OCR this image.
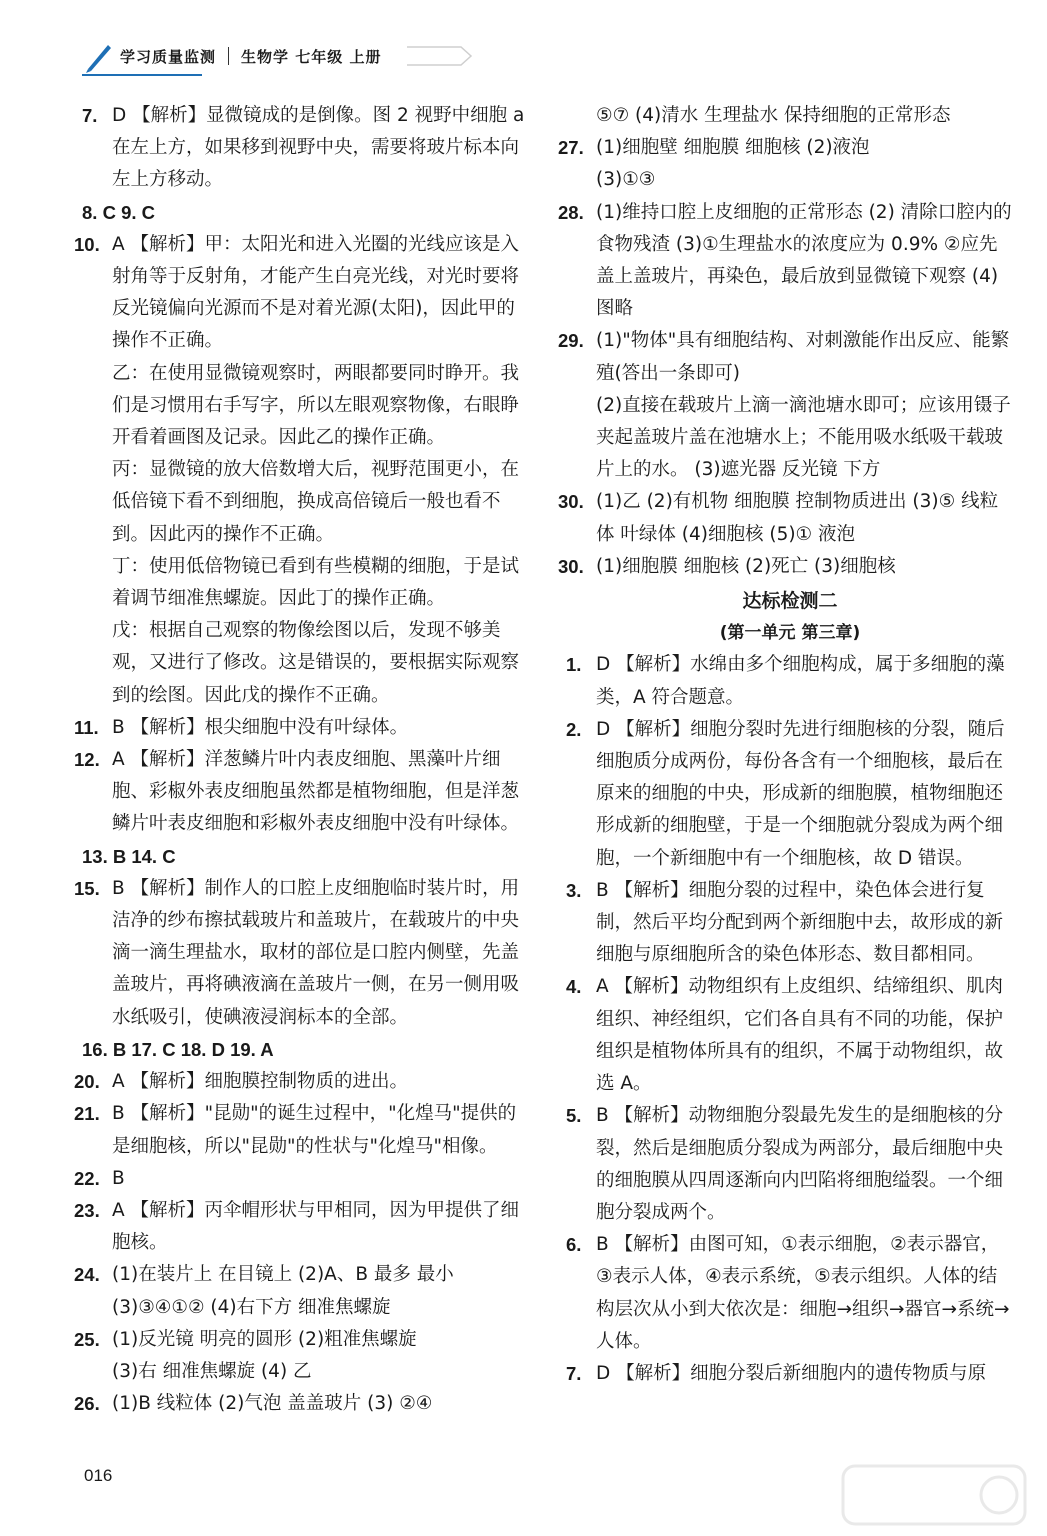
学习质量监测 生物学 七年级 上册
7. D 【解析】显微镜成的是倒像。图 2 视野中细胞 a 在左上方，如果移到视野中央，需要将玻片标本向左上方移动。
8. C 9. C
10. A 【解析】甲：太阳光和进入光圈的光线应该是入射角等于反射角，才能产生白亮光线，对光时要将反光镜偏向光源而不是对着光源(太阳)，因此甲的操作不正确。
乙：在使用显微镜观察时，两眼都要同时睁开。我们是习惯用右手写字，所以左眼观察物像，右眼睁开看着画图及记录。因此乙的操作正确。
丙：显微镜的放大倍数增大后，视野范围更小，在低倍镜下看不到细胞，换成高倍镜后一般也看不到。因此丙的操作不正确。
丁：使用低倍物镜已看到有些模糊的细胞，于是试着调节细准焦螺旋。因此丁的操作正确。
戊：根据自己观察的物像绘图以后，发现不够美观，又进行了修改。这是错误的，要根据实际观察到的绘图。因此戊的操作不正确。
11. B 【解析】根尖细胞中没有叶绿体。
12. A 【解析】洋葱鳞片叶内表皮细胞、黑藻叶片细胞、彩椒外表皮细胞虽然都是植物细胞，但是洋葱鳞片叶表皮细胞和彩椒外表皮细胞中没有叶绿体。
13. B 14. C
15. B 【解析】制作人的口腔上皮细胞临时装片时，用洁净的纱布擦拭载玻片和盖玻片，在载玻片的中央滴一滴生理盐水，取材的部位是口腔内侧壁，先盖盖玻片，再将碘液滴在盖玻片一侧，在另一侧用吸水纸吸引，使碘液浸润标本的全部。
16. B 17. C 18. D 19. A
20. A 【解析】细胞膜控制物质的进出。
21. B 【解析】"昆勋"的诞生过程中，"化煌马"提供的是细胞核，所以"昆勋"的性状与"化煌马"相像。
22. B
23. A 【解析】丙伞帽形状与甲相同，因为甲提供了细胞核。
24. (1)在装片上 在目镜上 (2)A、B 最多 最小
(3)③④①② (4)右下方 细准焦螺旋
25. (1)反光镜 明亮的圆形 (2)粗准焦螺旋
(3)右 细准焦螺旋 (4) 乙
26. (1)B 线粒体 (2)气泡 盖盖玻片 (3) ②④
⑤⑦ (4)清水 生理盐水 保持细胞的正常形态
27. (1)细胞壁 细胞膜 细胞核 (2)液泡
(3)①③
28. (1)维持口腔上皮细胞的正常形态 (2) 清除口腔内的食物残渣 (3)①生理盐水的浓度应为 0.9% ②应先盖上盖玻片，再染色，最后放到显微镜下观察 (4)图略
29. (1)"物体"具有细胞结构、对刺激能作出反应、能繁殖(答出一条即可)
(2)直接在载玻片上滴一滴池塘水即可；应该用镊子夹起盖玻片盖在池塘水上；不能用吸水纸吸干载玻片上的水。 (3)遮光器 反光镜 下方
30. (1)乙 (2)有机物 细胞膜 控制物质进出 (3)⑤ 线粒体 叶绿体 (4)细胞核 (5)① 液泡
30. (1)细胞膜 细胞核 (2)死亡 (3)细胞核
达标检测二
(第一单元 第三章)
1. D 【解析】水绵由多个细胞构成，属于多细胞的藻类，A 符合题意。
2. D 【解析】细胞分裂时先进行细胞核的分裂，随后细胞质分成两份，每份各含有一个细胞核，最后在原来的细胞的中央，形成新的细胞膜，植物细胞还形成新的细胞壁，于是一个细胞就分裂成为两个细胞，一个新细胞中有一个细胞核，故 D 错误。
3. B 【解析】细胞分裂的过程中，染色体会进行复制，然后平均分配到两个新细胞中去，故形成的新细胞与原细胞所含的染色体形态、数目都相同。
4. A 【解析】动物组织有上皮组织、结缔组织、肌肉组织、神经组织，它们各自具有不同的功能，保护组织是植物体所具有的组织，不属于动物组织，故选 A。
5. B 【解析】动物细胞分裂最先发生的是细胞核的分裂，然后是细胞质分裂成为两部分，最后细胞中央的细胞膜从四周逐渐向内凹陷将细胞缢裂。一个细胞分裂成两个。
6. B 【解析】由图可知，①表示细胞，②表示器官，③表示人体，④表示系统，⑤表示组织。人体的结构层次从小到大依次是：细胞→组织→器官→系统→人体。
7. D 【解析】细胞分裂后新细胞内的遗传物质与原
016
